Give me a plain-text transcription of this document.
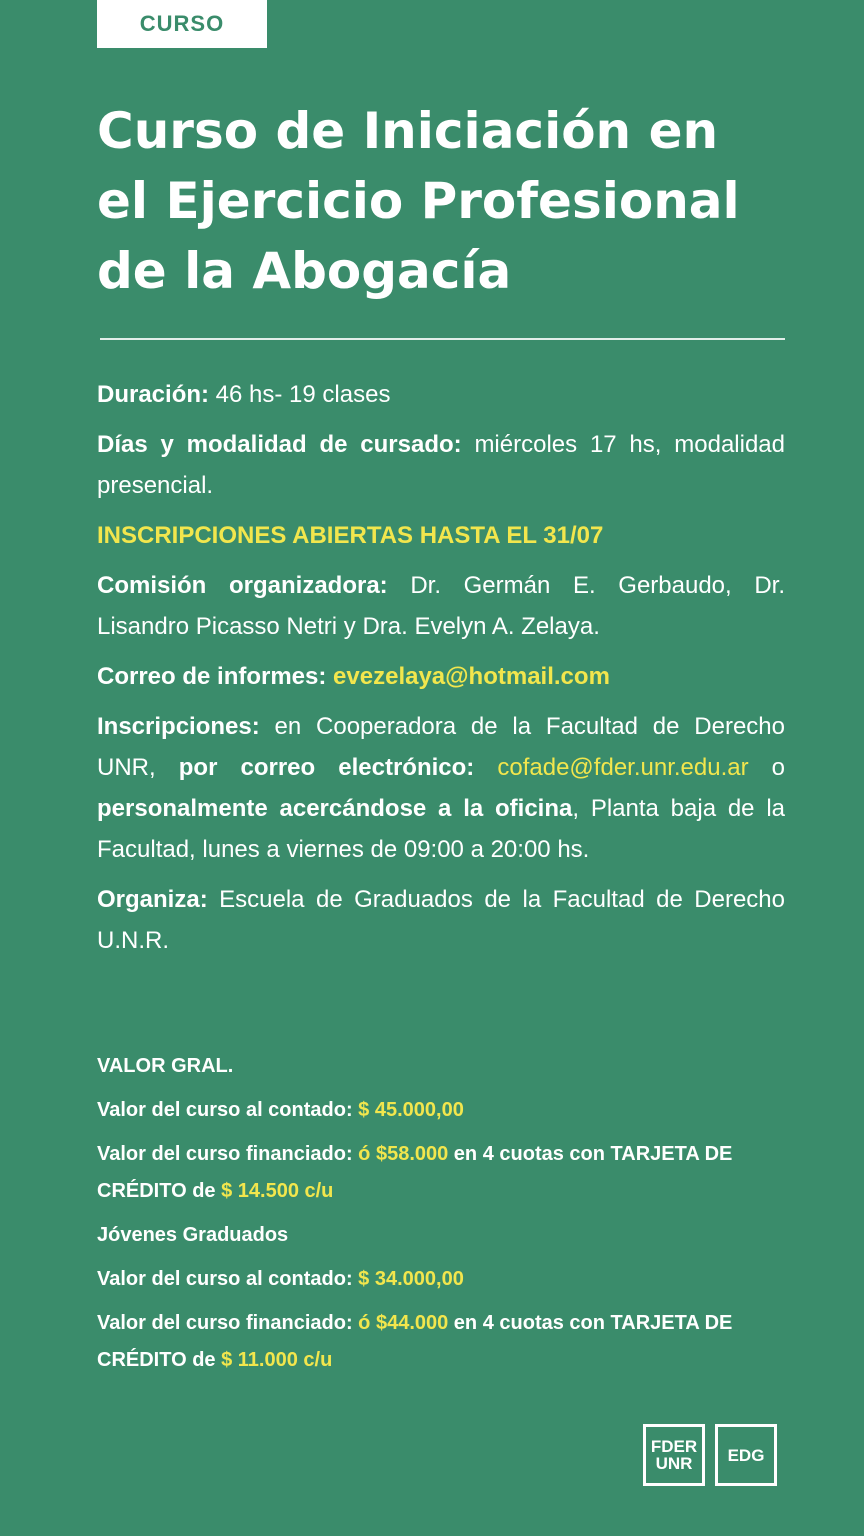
CURSO
Curso de Iniciación en
el Ejercicio Profesional
de la Abogacía

Duración: 46 hs- 19 clases

Días y modalidad de cursado: miércoles 17 hs, modalidad presencial.

INSCRIPCIONES ABIERTAS HASTA EL 31/07

Comisión organizadora: Dr. Germán E. Gerbaudo, Dr. Lisandro Picasso Netri y Dra. Evelyn A. Zelaya.

Correo de informes: evezelaya@hotmail.com

Inscripciones: en Cooperadora de la Facultad de Derecho UNR, por correo electrónico: cofade@fder.unr.edu.ar o personalmente acercándose a la oficina, Planta baja de la Facultad, lunes a viernes de 09:00 a 20:00 hs.

Organiza: Escuela de Graduados de la Facultad de Derecho U.N.R.

VALOR GRAL.

Valor del curso al contado: $ 45.000,00

Valor del curso financiado: ó $58.000 en 4 cuotas con TARJETA DE CRÉDITO de $ 14.500 c/u

Jóvenes Graduados

Valor del curso al contado: $ 34.000,00

Valor del curso financiado: ó $44.000 en 4 cuotas con TARJETA DE CRÉDITO de $ 11.000 c/u

FDER
UNR EDG
